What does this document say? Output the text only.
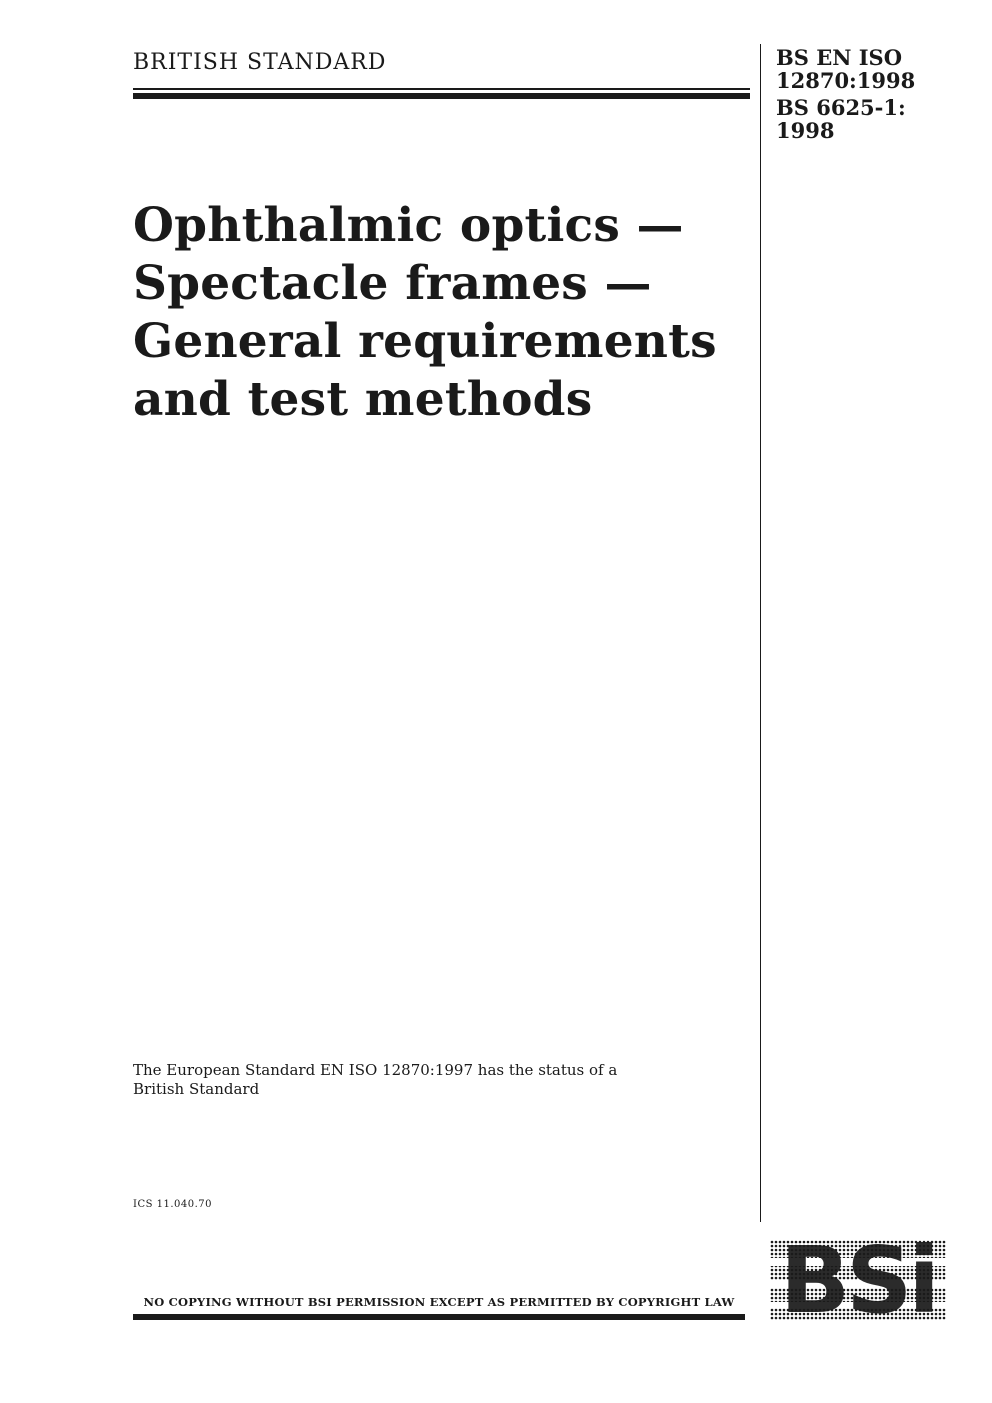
BRITISH STANDARD	BS EN ISO
12870:1998
BS 6625-1:
1998
Ophthalmic optics —
Spectacle frames —
General requirements
and test methods
The European Standard EN ISO 12870:1997 has the status of a
British Standard
ICS 11.040.70
NO COPYING WITHOUT BSI PERMISSION EXCEPT AS PERMITTED BY COPYRIGHT LAW
